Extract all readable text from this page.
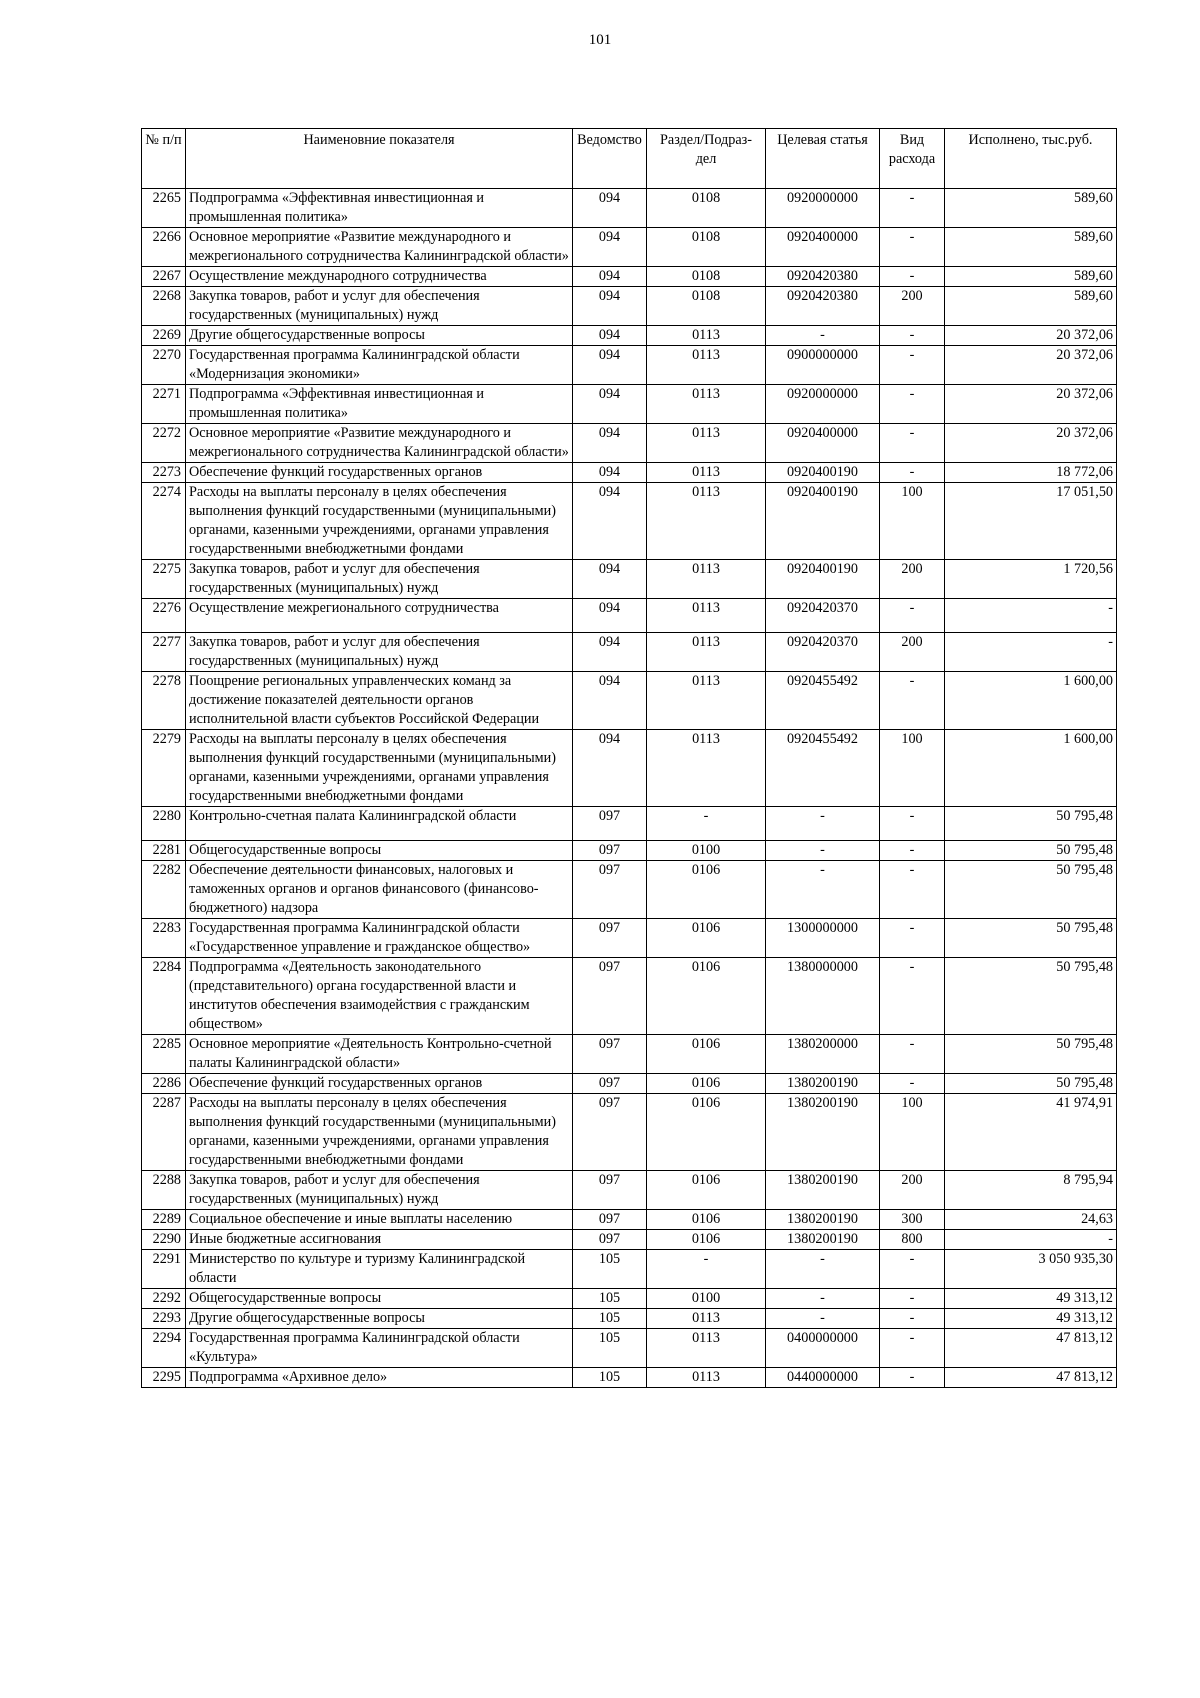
101
№ п/п	Наименовние показателя	Ведомство	Раздел/Подраз-дел	Целевая статья	Вид расхода	Исполнено, тыс.руб.
2265	Подпрограмма «Эффективная инвестиционная и промышленная политика»	094	0108	0920000000	-	589,60
2266	Основное мероприятие «Развитие международного и межрегионального сотрудничества Калининградской области»	094	0108	0920400000	-	589,60
2267	Осуществление международного сотрудничества	094	0108	0920420380	-	589,60
2268	Закупка товаров, работ и услуг для обеспечения государственных (муниципальных) нужд	094	0108	0920420380	200	589,60
2269	Другие общегосударственные вопросы	094	0113	-	-	20 372,06
2270	Государственная программа Калининградской области «Модернизация экономики»	094	0113	0900000000	-	20 372,06
2271	Подпрограмма «Эффективная инвестиционная и промышленная политика»	094	0113	0920000000	-	20 372,06
2272	Основное мероприятие «Развитие международного и межрегионального сотрудничества Калининградской области»	094	0113	0920400000	-	20 372,06
2273	Обеспечение функций государственных органов	094	0113	0920400190	-	18 772,06
2274	Расходы на выплаты персоналу в целях обеспечения выполнения функций государственными (муниципальными) органами, казенными учреждениями, органами управления государственными внебюджетными фондами	094	0113	0920400190	100	17 051,50
2275	Закупка товаров, работ и услуг для обеспечения государственных (муниципальных) нужд	094	0113	0920400190	200	1 720,56
2276	Осуществление межрегионального сотрудничества	094	0113	0920420370	-	-
2277	Закупка товаров, работ и услуг для обеспечения государственных (муниципальных) нужд	094	0113	0920420370	200	-
2278	Поощрение региональных управленческих команд за достижение показателей деятельности органов исполнительной власти субъектов Российской Федерации	094	0113	0920455492	-	1 600,00
2279	Расходы на выплаты персоналу в целях обеспечения выполнения функций государственными (муниципальными) органами, казенными учреждениями, органами управления государственными внебюджетными фондами	094	0113	0920455492	100	1 600,00
2280	Контрольно-счетная палата Калининградской области	097	-	-	-	50 795,48
2281	Общегосударственные вопросы	097	0100	-	-	50 795,48
2282	Обеспечение деятельности финансовых, налоговых и таможенных органов и органов финансового (финансово-бюджетного) надзора	097	0106	-	-	50 795,48
2283	Государственная программа Калининградской области «Государственное управление и гражданское общество»	097	0106	1300000000	-	50 795,48
2284	Подпрограмма «Деятельность законодательного (представительного) органа государственной власти и институтов обеспечения взаимодействия с гражданским обществом»	097	0106	1380000000	-	50 795,48
2285	Основное мероприятие «Деятельность Контрольно-счетной палаты Калининградской области»	097	0106	1380200000	-	50 795,48
2286	Обеспечение функций государственных органов	097	0106	1380200190	-	50 795,48
2287	Расходы на выплаты персоналу в целях обеспечения выполнения функций государственными (муниципальными) органами, казенными учреждениями, органами управления государственными внебюджетными фондами	097	0106	1380200190	100	41 974,91
2288	Закупка товаров, работ и услуг для обеспечения государственных (муниципальных) нужд	097	0106	1380200190	200	8 795,94
2289	Социальное обеспечение и иные выплаты населению	097	0106	1380200190	300	24,63
2290	Иные бюджетные ассигнования	097	0106	1380200190	800	-
2291	Министерство по культуре и туризму Калининградской области	105	-	-	-	3 050 935,30
2292	Общегосударственные вопросы	105	0100	-	-	49 313,12
2293	Другие общегосударственные вопросы	105	0113	-	-	49 313,12
2294	Государственная программа Калининградской области «Культура»	105	0113	0400000000	-	47 813,12
2295	Подпрограмма «Архивное дело»	105	0113	0440000000	-	47 813,12
